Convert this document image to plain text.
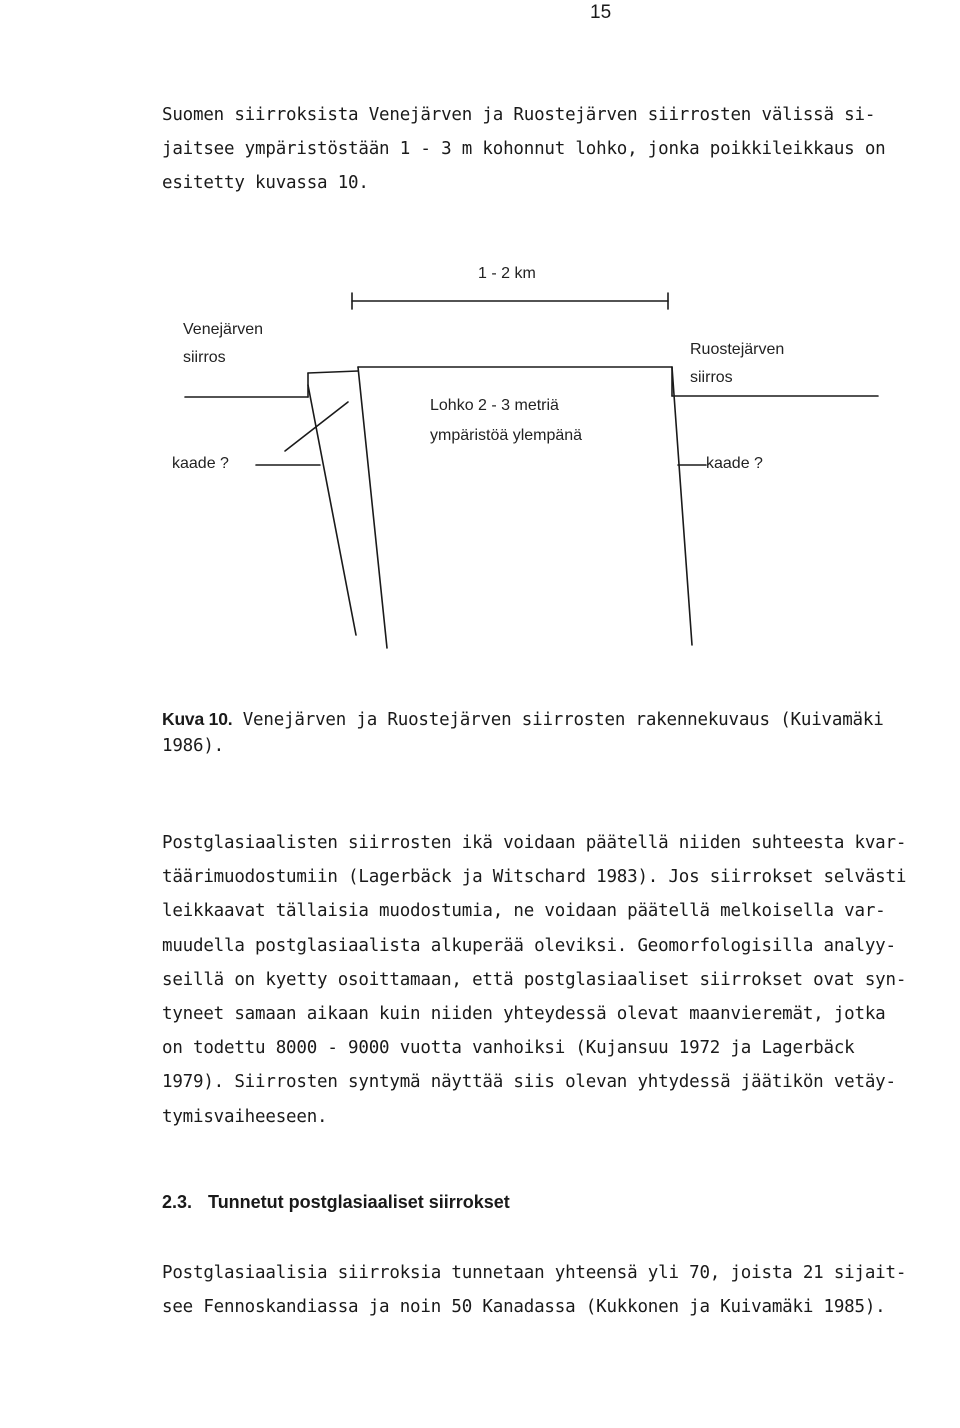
15
Suomen siirroksista Venejärven ja Ruostejärven siirrosten välissä si-
jaitsee ympäristöstään 1 - 3 m kohonnut lohko, jonka poikkileikkaus on
esitetty kuvassa 10.
1 - 2 km
Venejärven
siirros	Ruostejärven
siirros
Lohko 2 - 3 metriä
ympäristöä ylempänä
kaade ?	kaade ?
Kuva 10. Venejärven ja Ruostejärven siirrosten rakennekuvaus (Kuivamäki
1986).
Postglasiaalisten siirrosten ikä voidaan päätellä niiden suhteesta kvar-
täärimuodostumiin (Lagerbäck ja Witschard 1983). Jos siirrokset selvästi
leikkaavat tällaisia muodostumia, ne voidaan päätellä melkoisella var-
muudella postglasiaalista alkuperää oleviksi. Geomorfologisilla analyy-
seillä on kyetty osoittamaan, että postglasiaaliset siirrokset ovat syn-
tyneet samaan aikaan kuin niiden yhteydessä olevat maanvieremät, jotka
on todettu 8000 - 9000 vuotta vanhoiksi (Kujansuu 1972 ja Lagerbäck
1979). Siirrosten syntymä näyttää siis olevan yhtydessä jäätikön vetäy-
tymisvaiheeseen.
2.3. Tunnetut postglasiaaliset siirrokset
Postglasiaalisia siirroksia tunnetaan yhteensä yli 70, joista 21 sijait-
see Fennoskandiassa ja noin 50 Kanadassa (Kukkonen ja Kuivamäki 1985).
